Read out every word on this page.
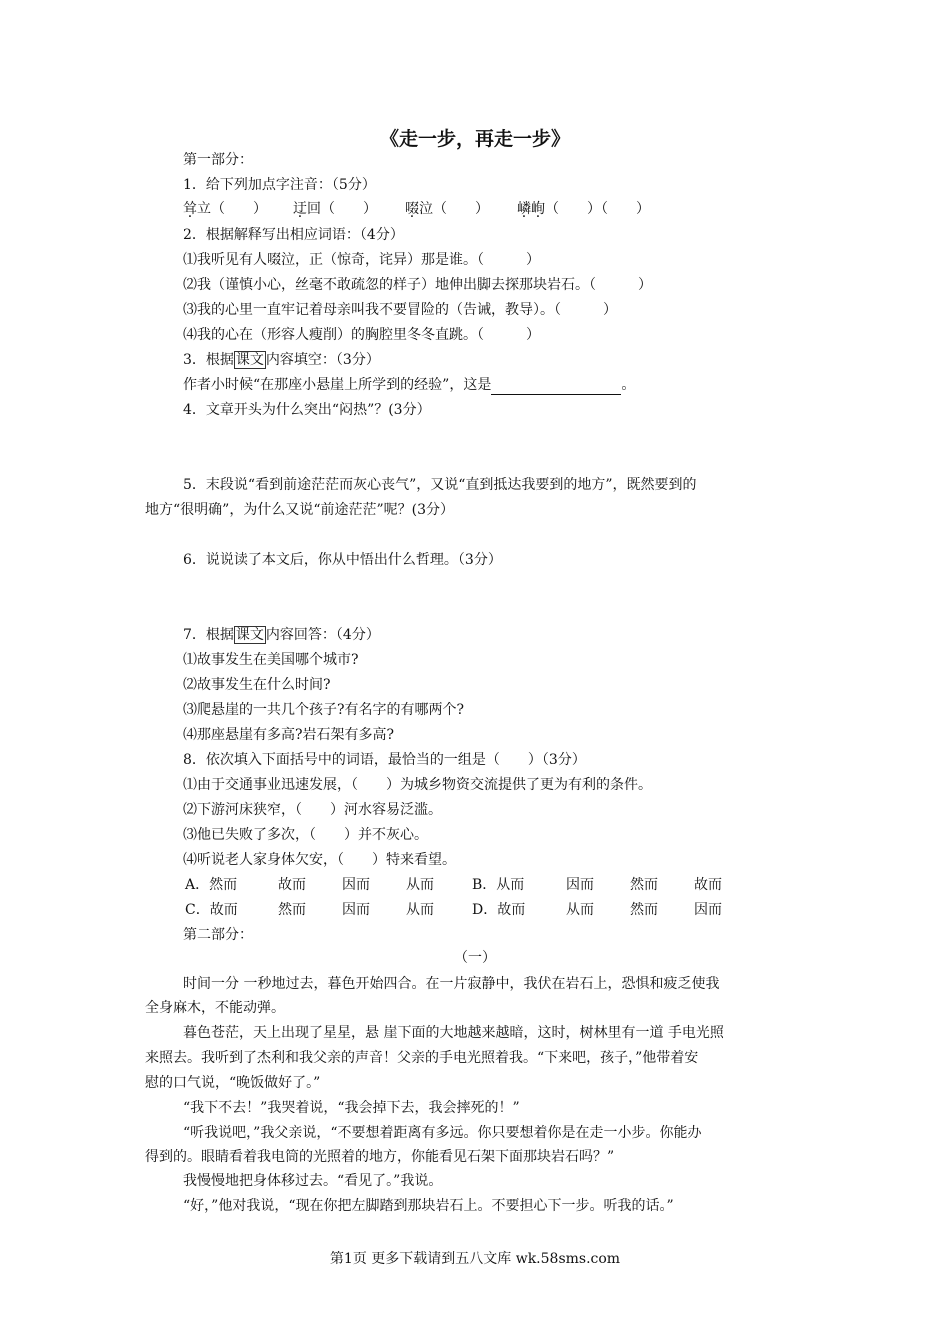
《走一步，再走一步》
第一部分：
1．给下列加点字注音：（5分）
耸立（　　） 迂回（　　） 啜泣（　　） 嶙峋（　　）（　　）
2．根据解释写出相应词语：（4分）
⑴我听见有人啜泣，正（惊奇，诧异）那是谁。（　　　）
⑵我（谨慎小心，丝毫不敢疏忽的样子）地伸出脚去探那块岩石。（　　　）
⑶我的心里一直牢记着母亲叫我不要冒险的（告诫，教导）。（　　　）
⑷我的心在（形容人瘦削）的胸腔里冬冬直跳。（　　　）
3．根据 课文 内容填空：（3分）
作者小时候“在那座小悬崖上所学到的经验”，这是	。
4．文章开头为什么突出“闷热”？(3分）
5．末段说“看到前途茫茫而灰心丧气”，又说“直到抵达我要到的地方”，既然要到的
地方“很明确”，为什么又说“前途茫茫”呢？(3分）
6．说说读了本文后，你从中悟出什么哲理。（3分）
7．根据 课文 内容回答：（4分）
⑴故事发生在美国哪个城市?
⑵故事发生在什么时间?
⑶爬悬崖的一共几个孩子?有名字的有哪两个?
⑷那座悬崖有多高?岩石架有多高?
8．依次填入下面括号中的词语，最恰当的一组是（　　）（3分）
⑴由于交通事业迅速发展，（　　）为城乡物资交流提供了更为有利的条件。
⑵下游河床狭窄，（　　）河水容易泛滥。
⑶他已失败了多次，（　　）并不灰心。
⑷听说老人家身体欠安，（　　）特来看望。
A．然而	故而	因而	从而	B．从而	因而	然而	故而
C．故而	然而	因而	从而	D．故而	从而	然而	因而
第二部分：
（一）
时间一分 一秒地过去，暮色开始四合。在一片寂静中，我伏在岩石上，恐惧和疲乏使我
全身麻木，不能动弹。
暮色苍茫，天上出现了星星，悬 崖下面的大地越来越暗，这时，树林里有一道 手电光照
来照去。我听到了杰利和我父亲的声音！父亲的手电光照着我。“下来吧，孩子，”他带着安
慰的口气说，“晚饭做好了。”
“我下不去！”我哭着说，“我会掉下去，我会摔死的！”
“听我说吧，”我父亲说，“不要想着距离有多远。你只要想着你是在走一小步。你能办
得到的。眼睛看着我电筒的光照着的地方，你能看见石架下面那块岩石吗？”
我慢慢地把身体移过去。“看见了。”我说。
“好，”他对我说，“现在你把左脚踏到那块岩石上。不要担心下一步。听我的话。”
第1页 更多下载请到五八文库 wk.58sms.com
